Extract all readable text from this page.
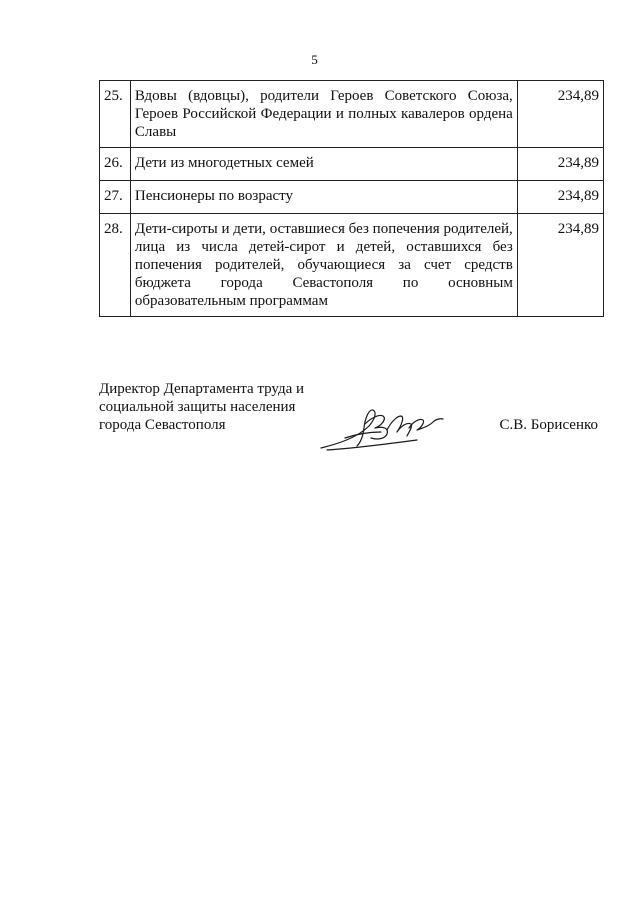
5
25.	Вдовы (вдовцы), родители Героев Советского Союза, Героев Российской Федерации и полных кавалеров ордена Славы	234,89
26.	Дети из многодетных семей	234,89
27.	Пенсионеры по возрасту	234,89
28.	Дети-сироты и дети, оставшиеся без попечения родителей, лица из числа детей-сирот и детей, оставшихся без попечения родителей, обучающиеся за счет средств бюджета города Севастополя по основным образовательным программам	234,89
Директор Департамента труда и
социальной защиты населения
города Севастополя	С.В. Борисенко
